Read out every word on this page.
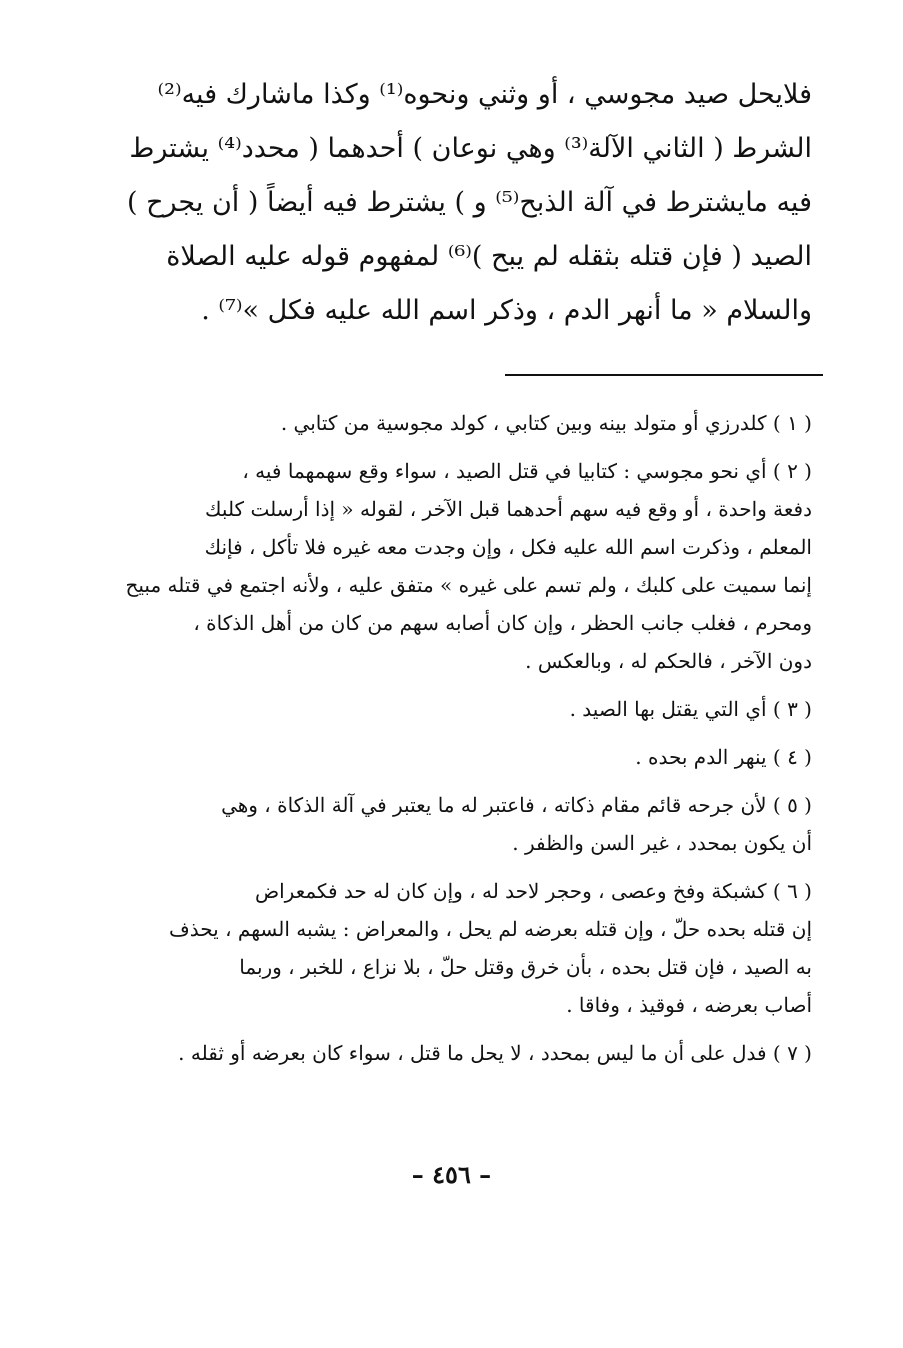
فلايحل صيد مجوسي ، أو وثني ونحوه⁽¹⁾ وكذا ماشارك فيه⁽²⁾
الشرط ( الثاني الآلة⁽³⁾ وهي نوعان ) أحدهما ( محدد⁽⁴⁾ يشترط
فيه مايشترط في آلة الذبح⁽⁵⁾ و ) يشترط فيه أيضاً ( أن يجرح )
الصيد ( فإن قتله بثقله لم يبح )⁽⁶⁾ لمفهوم قوله عليه الصلاة
والسلام « ما أنهر الدم ، وذكر اسم الله عليه فكل »⁽⁷⁾ .
( ١ ) كلدرزي أو متولد بينه وبين كتابي ، كولد مجوسية من كتابي .
( ٢ ) أي نحو مجوسي : كتابيا في قتل الصيد ، سواء وقع سهمهما فيه ،
دفعة واحدة ، أو وقع فيه سهم أحدهما قبل الآخر ، لقوله « إذا أرسلت كلبك
المعلم ، وذكرت اسم الله عليه فكل ، وإن وجدت معه غيره فلا تأكل ، فإنك
إنما سميت على كلبك ، ولم تسم على غيره » متفق عليه ، ولأنه اجتمع في قتله مبيح
ومحرم ، فغلب جانب الحظر ، وإن كان أصابه سهم من كان من أهل الذكاة ،
دون الآخر ، فالحكم له ، وبالعكس .
( ٣ ) أي التي يقتل بها الصيد .
( ٤ ) ينهر الدم بحده .
( ٥ ) لأن جرحه قائم مقام ذكاته ، فاعتبر له ما يعتبر في آلة الذكاة ، وهي
أن يكون بمحدد ، غير السن والظفر .
( ٦ ) كشبكة وفخ وعصى ، وحجر لاحد له ، وإن كان له حد فكمعراض
إن قتله بحده حلّ ، وإن قتله بعرضه لم يحل ، والمعراض : يشبه السهم ، يحذف
به الصيد ، فإن قتل بحده ، بأن خرق وقتل حلّ ، بلا نزاع ، للخبر ، وربما
أصاب بعرضه ، فوقيذ ، وفاقا .
( ٧ ) فدل على أن ما ليس بمحدد ، لا يحل ما قتل ، سواء كان بعرضه أو ثقله .
– ٤٥٦ –
